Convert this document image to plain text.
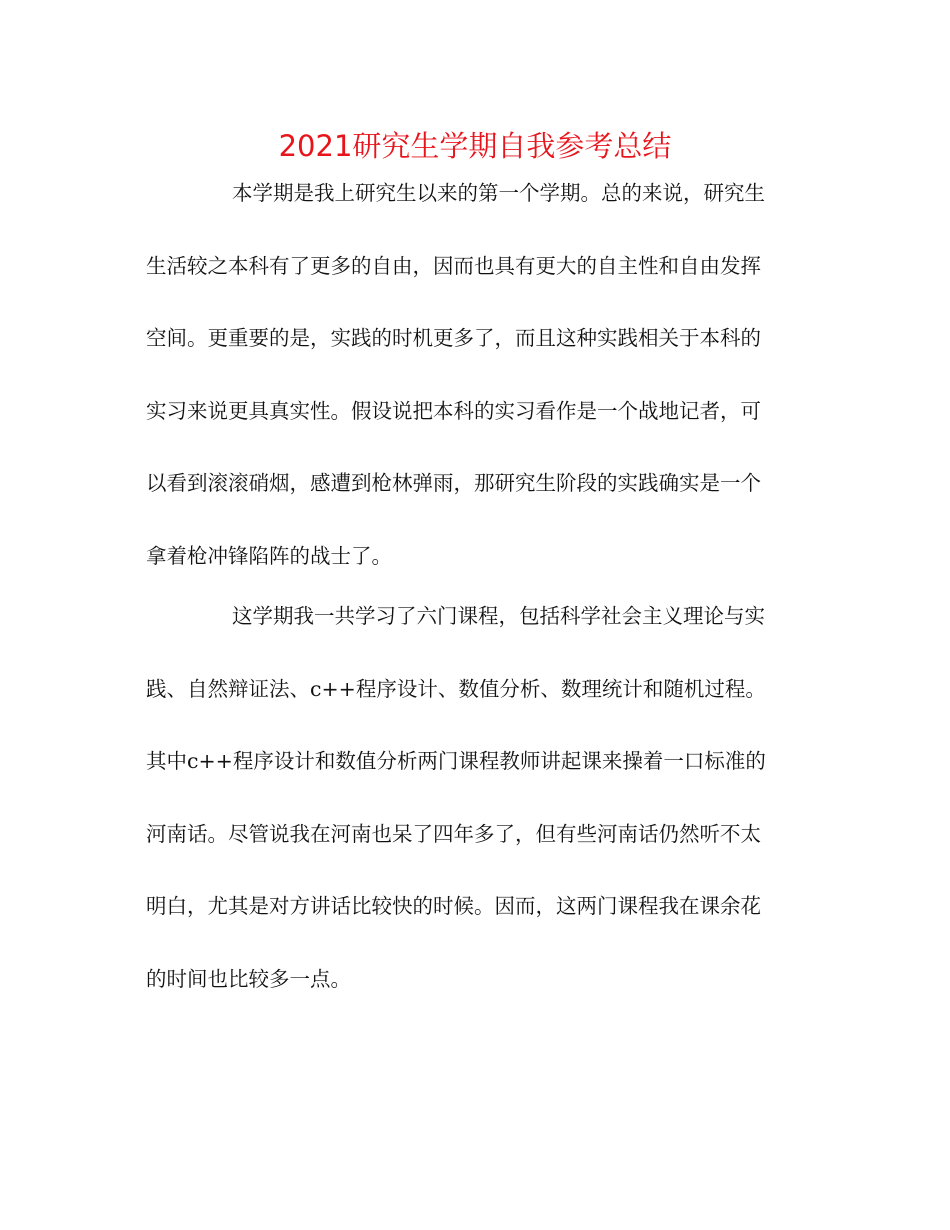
2021研究生学期自我参考总结

本学期是我上研究生以来的第一个学期。总的来说，研究生

生活较之本科有了更多的自由，因而也具有更大的自主性和自由发挥

空间。更重要的是，实践的时机更多了，而且这种实践相关于本科的

实习来说更具真实性。假设说把本科的实习看作是一个战地记者，可

以看到滚滚硝烟，感遭到枪林弹雨，那研究生阶段的实践确实是一个

拿着枪冲锋陷阵的战士了。

这学期我一共学习了六门课程，包括科学社会主义理论与实

践、自然辩证法、c++程序设计、数值分析、数理统计和随机过程。

其中c++程序设计和数值分析两门课程教师讲起课来操着一口标准的

河南话。尽管说我在河南也呆了四年多了，但有些河南话仍然听不太

明白，尤其是对方讲话比较快的时候。因而，这两门课程我在课余花

的时间也比较多一点。
